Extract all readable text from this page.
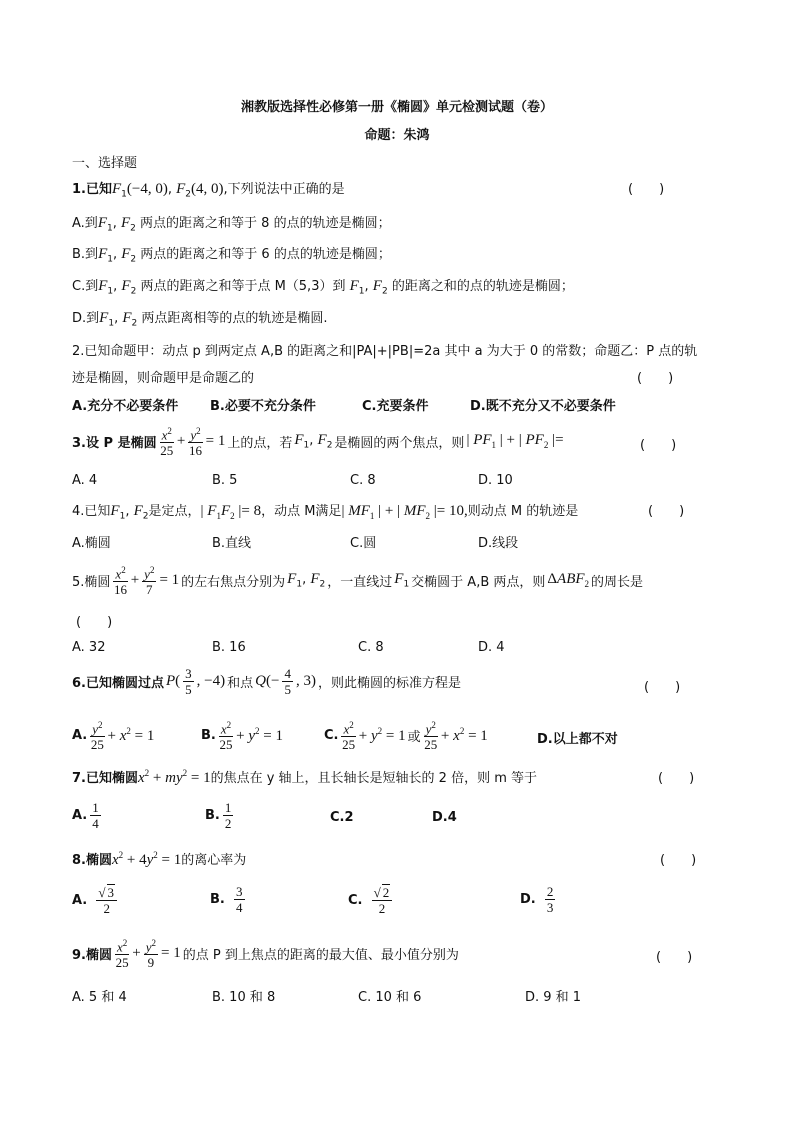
湘教版选择性必修第一册《椭圆》单元检测试题（卷）
命题：朱鸿
一、选择题
1.已知$F_1(-4$, 0), $F_2(4$, 0),下列说法中正确的是	(　　)
A.到$F_1$, $F_2$ 两点的距离之和等于 8 的点的轨迹是椭圆；
B.到$F_1$, $F_2$ 两点的距离之和等于 6 的点的轨迹是椭圆；
C.到$F_1$, $F_2$ 两点的距离之和等于点 M（5,3）到 $F_1$, $F_2$ 的距离之和的点的轨迹是椭圆；
D.到$F_1$, $F_2$ 两点距离相等的点的轨迹是椭圆.
2.已知命题甲：动点 p 到两定点 A,B 的距离之和|PA|+|PB|=2a 其中 a 为大于 0 的常数；命题乙：P 点的轨
迹是椭圆，则命题甲是命题乙的	(　　)
A.充分不必要条件 B.必要不充分条件	C.充要条件	D.既不充分又不必要条件
3.设 P 是椭圆 $\frac{x^2}{25} + \frac{y^2}{16} = 1$ 上的点，若 $F_1$, $F_2$ 是椭圆的两个焦点，则 | $PF_1$ | + | $PF_2$ |=	(　　)
A. 4	B. 5	C. 8	D. 10
4.已知$F_1$, $F_2$是定点，| $F_1F_2$ |= 8，动点 M满足| $MF_1$ | + | $MF_2$ |= 10,则动点 M 的轨迹是	(　　)
A.椭圆	B.直线	C.圆	D.线段
5.椭圆 $\frac{x^2}{16} + \frac{y^2}{7} = 1$ 的左右焦点分别为 $F_1$, $F_2$ ，一直线过 $F_1$ 交椭圆于 A,B 两点，则 $\Delta ABF_2$ 的周长是
(　　)
A. 32	B. 16	C. 8	D. 4
6.已知椭圆过点 $P( \frac{3}{5}$ , −4) 和点 $Q(- \frac{4}{5}$ , 3) ，则此椭圆的标准方程是	(　　)
A. $\frac{y^2}{25} + x^2 = 1$	B. $\frac{x^2}{25} + y^2 = 1$	C. $\frac{x^2}{25} + y^2 = 1$ 或 $\frac{y^2}{25} + x^2 = 1$	D.以上都不对
7.已知椭圆$x^2 + my^2 = 1$的焦点在 y 轴上，且长轴长是短轴长的 2 倍，则 m 等于	(　　)
A. $\frac{1}{4}$	B. $\frac{1}{2}$	C.2	D.4
8.椭圆$x^2 + 4y^2 = 1$的离心率为	(　　)
A.
$\frac{√ 3}{2}$	B.
$\frac{3}{4}$	C.
$\frac{√ 2}{2}$	D.
$\frac{2}{3}$
9.椭圆 $\frac{x^2}{25} + \frac{y^2}{9} = 1$ 的点 P 到上焦点的距离的最大值、最小值分别为	(　　)
A. 5 和 4	B. 10 和 8	C. 10 和 6	D. 9 和 1
